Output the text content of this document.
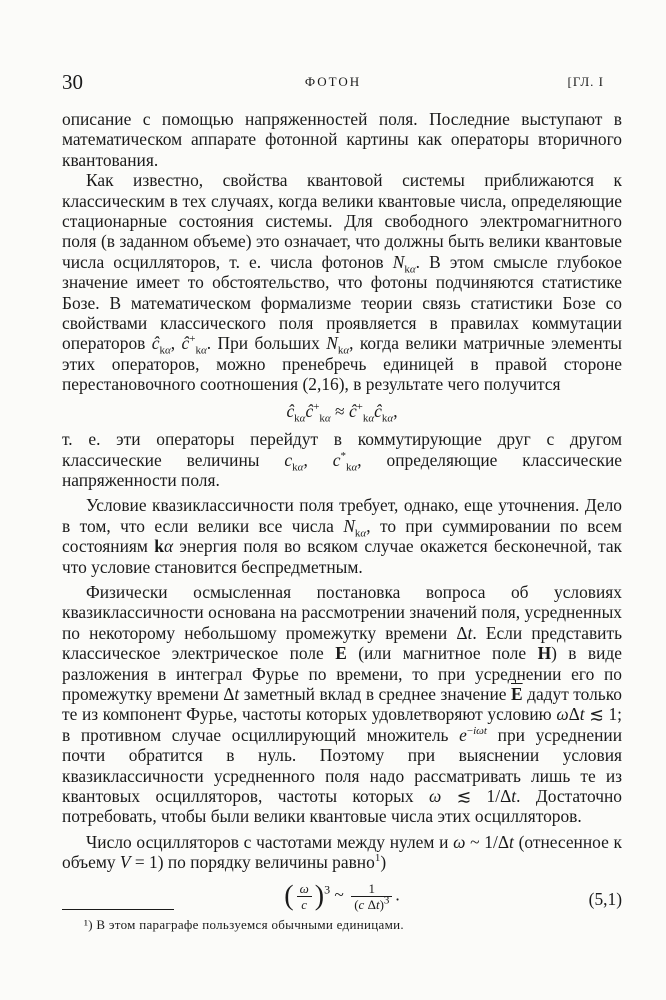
30	ФОТОН	[ГЛ. I

описание с помощью напряженностей поля. Последние выступают в математическом аппарате фотонной картины как операторы вторичного квантования.

Как известно, свойства квантовой системы приближаются к классическим в тех случаях, когда велики квантовые числа, определяющие стационарные состояния системы. Для свободного электромагнитного поля (в заданном объеме) это означает, что должны быть велики квантовые числа осцилляторов, т. е. числа фотонов $N_{k\alpha}$. В этом смысле глубокое значение имеет то обстоятельство, что фотоны подчиняются статистике Бозе. В математическом формализме теории связь статистики Бозе со свойствами классического поля проявляется в правилах коммутации операторов $ĉ_{k\alpha}$, $ĉ^+_{k\alpha}$. При больших $N_{k\alpha}$, когда велики матричные элементы этих операторов, можно пренебречь единицей в правой стороне перестановочного соотношения (2,16), в результате чего получится

$ĉ_{k\alpha}ĉ^+_{k\alpha}$ ≈ $ĉ^+_{k\alpha}ĉ_{k\alpha}$,

т. е. эти операторы перейдут в коммутирующие друг с другом классические величины $c_{k\alpha}$, $c^*_{k\alpha}$, определяющие классические напряженности поля.

Условие квазиклассичности поля требует, однако, еще уточнения. Дело в том, что если велики все числа $N_{k\alpha}$, то при суммировании по всем состояниям kα энергия поля во всяком случае окажется бесконечной, так что условие становится беспредметным.

Физически осмысленная постановка вопроса об условиях квазиклассичности основана на рассмотрении значений поля, усредненных по некоторому небольшому промежутку времени Δt. Если представить классическое электрическое поле E (или магнитное поле H) в виде разложения в интеграл Фурье по времени, то при усреднении его по промежутку времени Δt заметный вклад в среднее значение $\overline{E}$ дадут только те из компонент Фурье, частоты которых удовлетворяют условию ωΔt ≲ 1; в противном случае осциллирующий множитель $e^{-i\omega t}$ при усреднении почти обратится в нуль. Поэтому при выяснении условия квазиклассичности усредненного поля надо рассматривать лишь те из квантовых осцилляторов, частоты которых ω ≲ 1/Δt. Достаточно потребовать, чтобы были велики квантовые числа этих осцилляторов.

Число осцилляторов с частотами между нулем и ω ~ 1/Δt (отнесенное к объему V = 1) по порядку величины равно$^1$)

( $\frac{\omega}{c} )^3$ ~ $\frac{1}{(c \Delta t)^3}$ .	(5,1)
¹) В этом параграфе пользуемся обычными единицами.
